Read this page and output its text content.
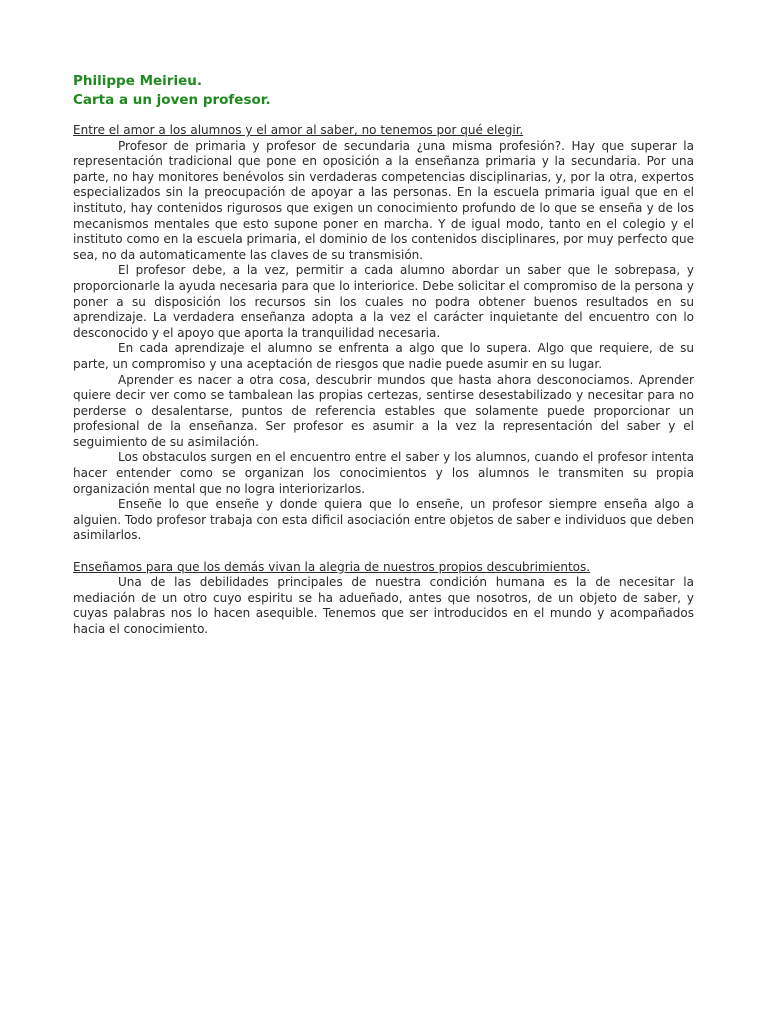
Philippe Meirieu.

Carta a un joven profesor.

Entre el amor a los alumnos y el amor al saber, no tenemos por qué elegir.

Profesor de primaria y profesor de secundaria ¿una misma profesión?. Hay que superar la representación tradicional que pone en oposición a la enseñanza primaria y la secundaria. Por una parte, no hay monitores benévolos sin verdaderas competencias disciplinarias, y, por la otra, expertos especializados sin la preocupación de apoyar a las personas. En la escuela primaria igual que en el instituto, hay contenidos rigurosos que exigen un conocimiento profundo de lo que se enseña y de los mecanismos mentales que esto supone poner en marcha. Y de igual modo, tanto en el colegio y el instituto como en la escuela primaria, el dominio de los contenidos disciplinares, por muy perfecto que sea, no da automaticamente las claves de su transmisión.

El profesor debe, a la vez, permitir a cada alumno abordar un saber que le sobrepasa, y proporcionarle la ayuda necesaria para que lo interiorice. Debe solicitar el compromiso de la persona y poner a su disposición los recursos sin los cuales no podra obtener buenos resultados en su aprendizaje. La verdadera enseñanza adopta a la vez el carácter inquietante del encuentro con lo desconocido y el apoyo que aporta la tranquilidad necesaria.

En cada aprendizaje el alumno se enfrenta a algo que lo supera. Algo que requiere, de su parte, un compromiso y una aceptación de riesgos que nadie puede asumir en su lugar.

Aprender es nacer a otra cosa, descubrir mundos que hasta ahora desconociamos. Aprender quiere decir ver como se tambalean las propias certezas, sentirse desestabilizado y necesitar para no perderse o desalentarse, puntos de referencia estables que solamente puede proporcionar un profesional de la enseñanza. Ser profesor es asumir a la vez la representación del saber y el seguimiento de su asimilación.

Los obstaculos surgen en el encuentro entre el saber y los alumnos, cuando el profesor intenta hacer entender como se organizan los conocimientos y los alumnos le transmiten su propia organización mental que no logra interiorizarlos.

Enseñe lo que enseñe y donde quiera que lo enseñe, un profesor siempre enseña algo a alguien. Todo profesor trabaja con esta dificil asociación entre objetos de saber e individuos que deben asimilarlos.

Enseñamos para que los demás vivan la alegria de nuestros propios descubrimientos.

Una de las debilidades principales de nuestra condición humana es la de necesitar la mediación de un otro cuyo espiritu se ha adueñado, antes que nosotros, de un objeto de saber, y cuyas palabras nos lo hacen asequible. Tenemos que ser introducidos en el mundo y acompañados hacia el conocimiento.
